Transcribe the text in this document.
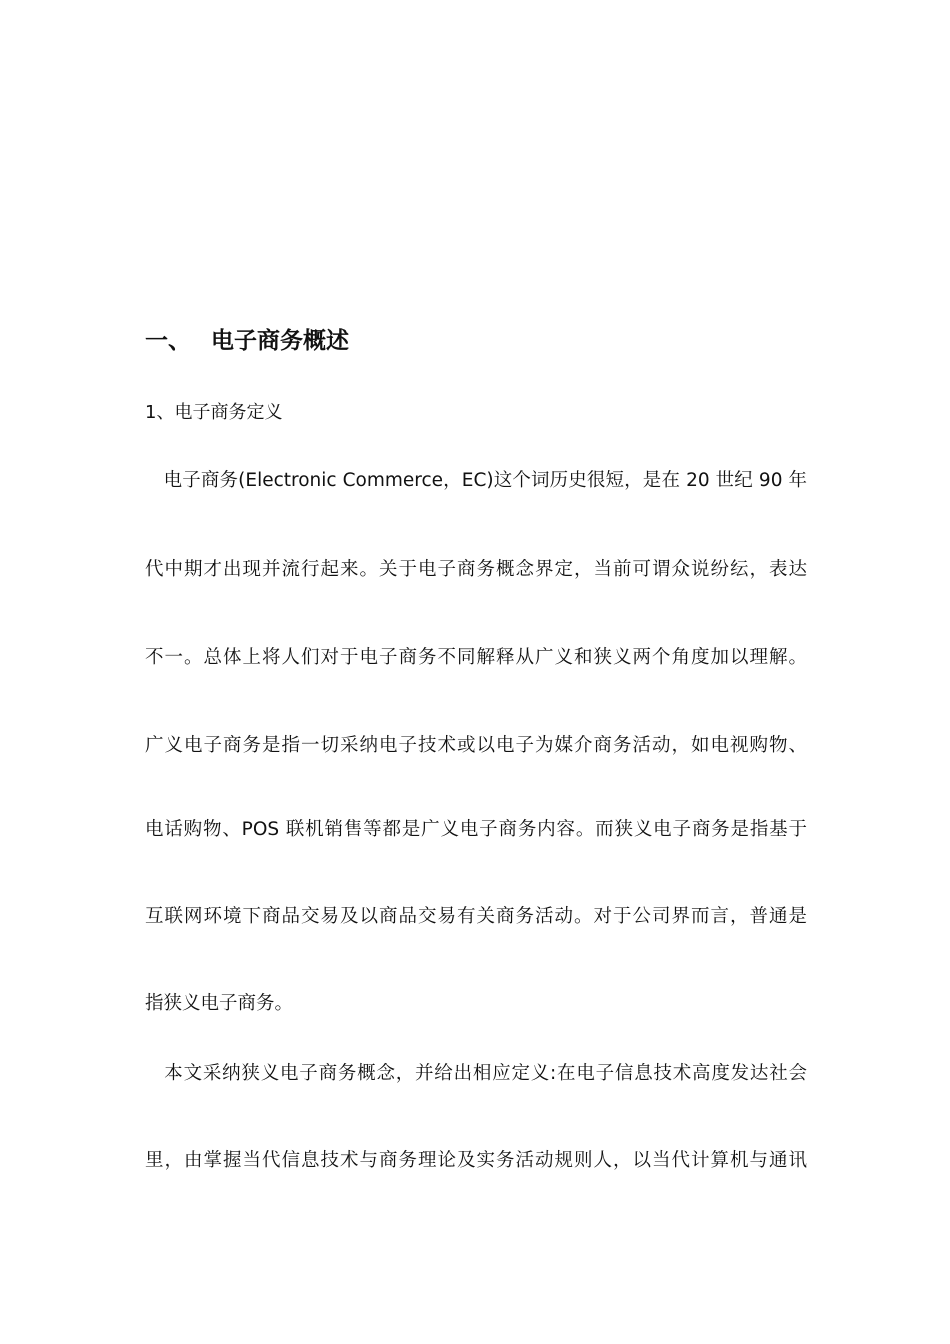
一、 电子商务概述
1、电子商务定义
　电子商务(Electronic Commerce，EC)这个词历史很短，是在 20 世纪 90 年
代中期才出现并流行起来。关于电子商务概念界定，当前可谓众说纷纭，表达
不一。总体上将人们对于电子商务不同解释从广义和狭义两个角度加以理解。
广义电子商务是指一切采纳电子技术或以电子为媒介商务活动，如电视购物、
电话购物、POS 联机销售等都是广义电子商务内容。而狭义电子商务是指基于
互联网环境下商品交易及以商品交易有关商务活动。对于公司界而言，普通是
指狭义电子商务。
　本文采纳狭义电子商务概念，并给出相应定义:在电子信息技术高度发达社会
里，由掌握当代信息技术与商务理论及实务活动规则人，以当代计算机与通讯
